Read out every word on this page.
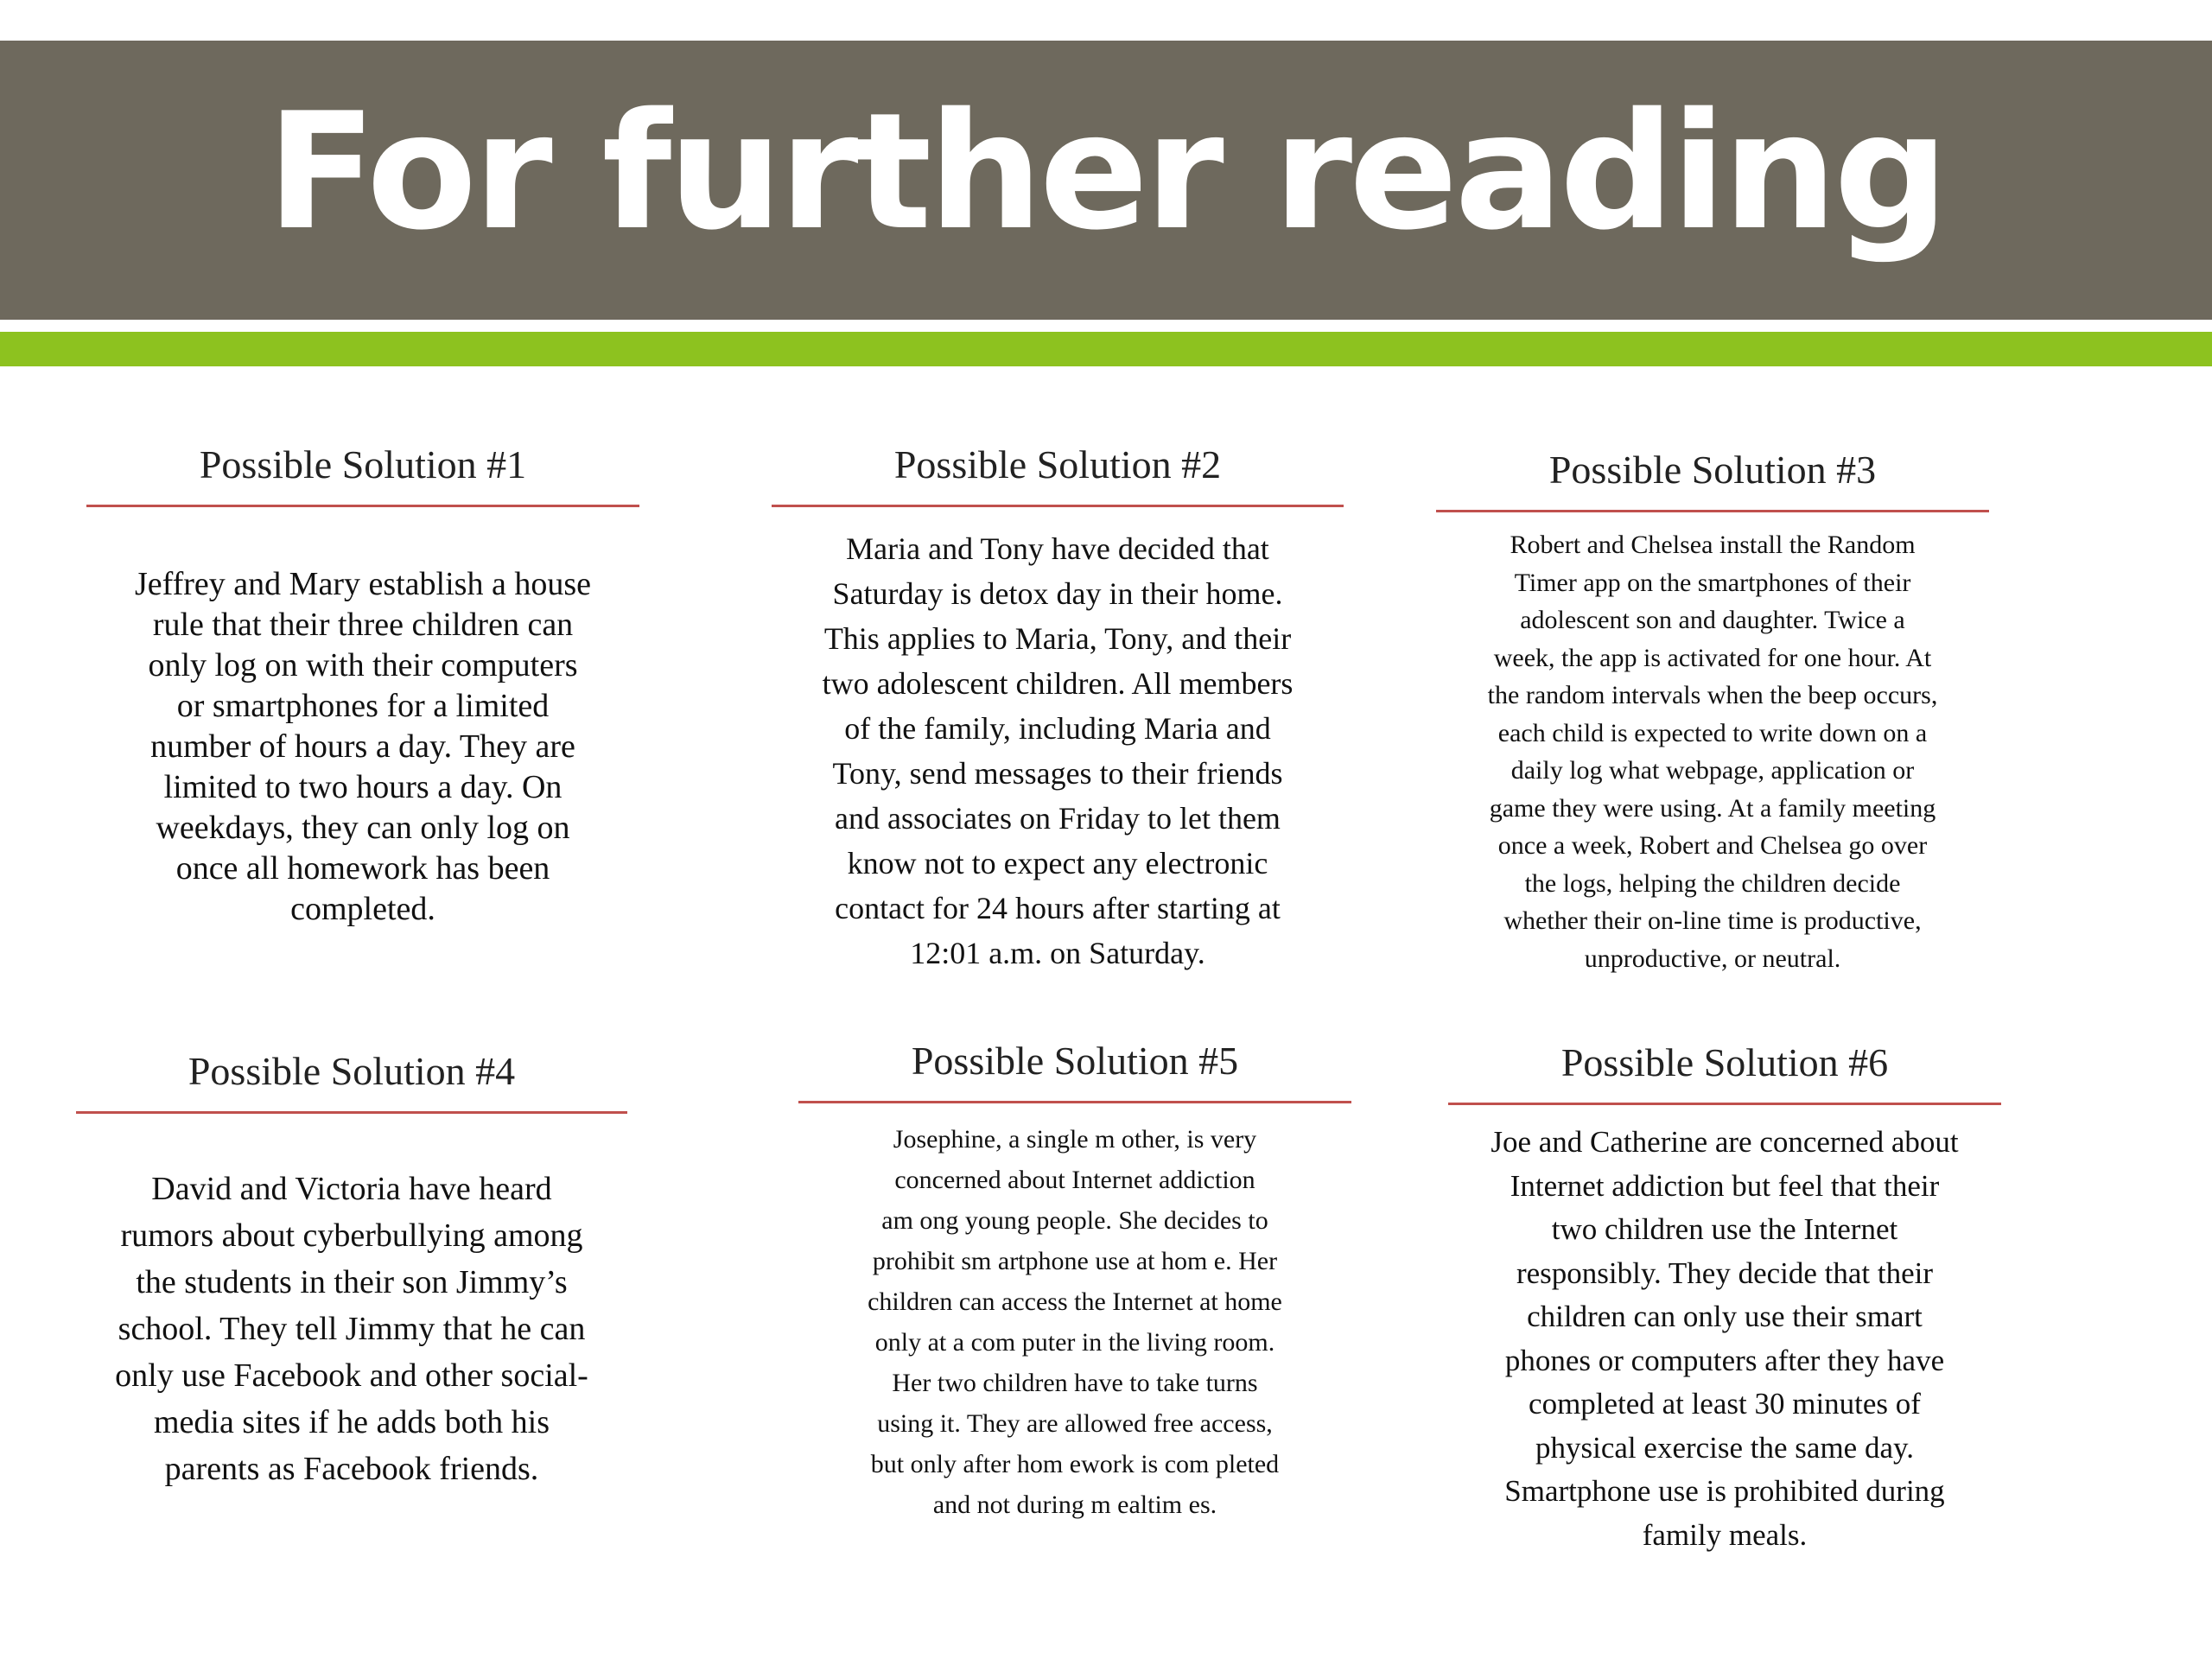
For further reading
Possible Solution #1
Jeffrey and Mary establish a house
rule that their three children can
only log on with their computers
or smartphones for a limited
number of hours a day. They are
limited to two hours a day. On
weekdays, they can only log on
once all homework has been
completed.
Possible Solution #2
Maria and Tony have decided that
Saturday is detox day in their home.
This applies to Maria, Tony, and their
two adolescent children. All members
of the family, including Maria and
Tony, send messages to their friends
and associates on Friday to let them
know not to expect any electronic
contact for 24 hours after starting at
12:01 a.m. on Saturday.
Possible Solution #3
Robert and Chelsea install the Random
Timer app on the smartphones of their
adolescent son and daughter. Twice a
week, the app is activated for one hour. At
the random intervals when the beep occurs,
each child is expected to write down on a
daily log what webpage, application or
game they were using. At a family meeting
once a week, Robert and Chelsea go over
the logs, helping the children decide
whether their on-line time is productive,
unproductive, or neutral.
Possible Solution #4
David and Victoria have heard
rumors about cyberbullying among
the students in their son Jimmy’s
school. They tell Jimmy that he can
only use Facebook and other social-
media sites if he adds both his
parents as Facebook friends.
Possible Solution #5
Josephine, a single m other, is very
concerned about Internet addiction
am ong young people. She decides to
prohibit sm artphone use at hom e. Her
children can access the Internet at home
only at a com puter in the living room.
Her two children have to take turns
using it. They are allowed free access,
but only after hom ework is com pleted
and not during m ealtim es.
Possible Solution #6
Joe and Catherine are concerned about
Internet addiction but feel that their
two children use the Internet
responsibly. They decide that their
children can only use their smart
phones or computers after they have
completed at least 30 minutes of
physical exercise the same day.
Smartphone use is prohibited during
family meals.
